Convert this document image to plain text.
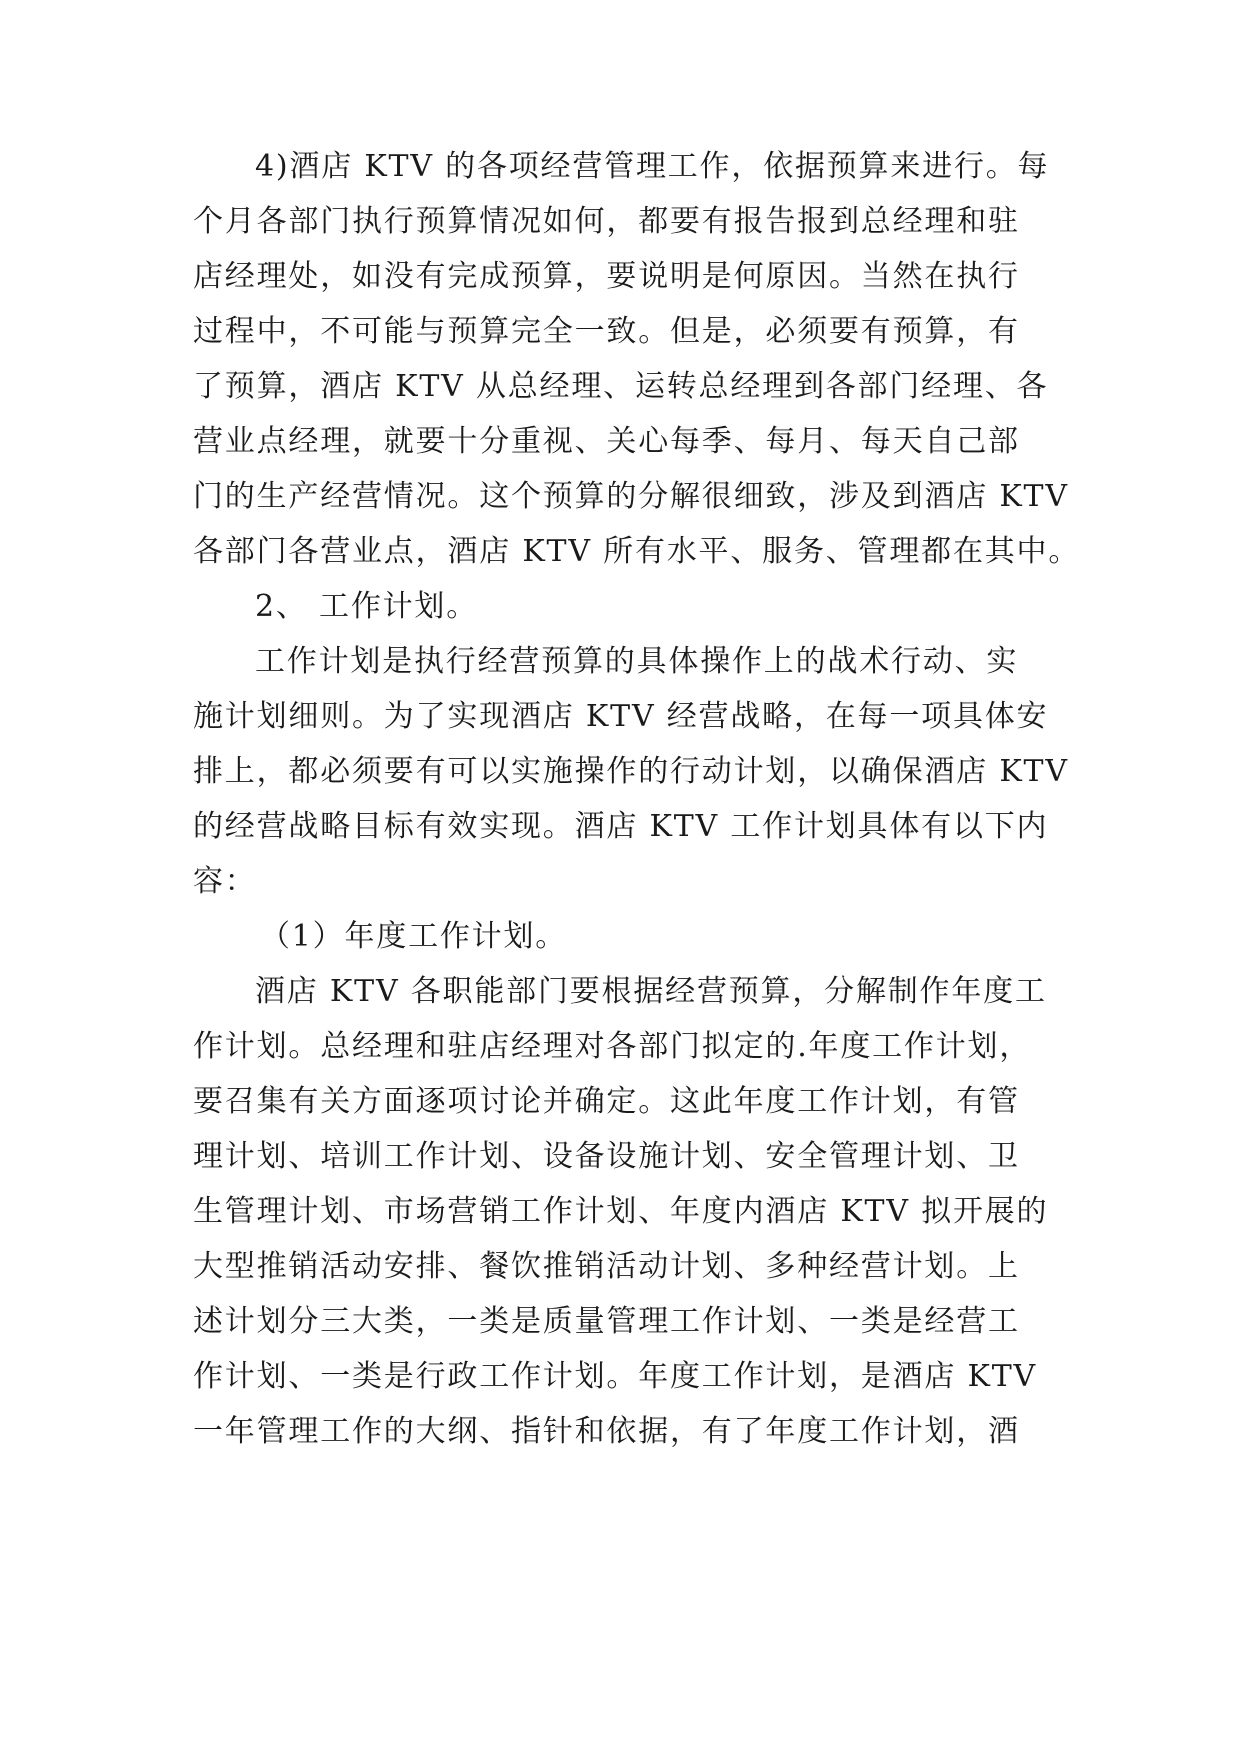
4)酒店 KTV 的各项经营管理工作，依据预算来进行。每
个月各部门执行预算情况如何，都要有报告报到总经理和驻
店经理处，如没有完成预算，要说明是何原因。当然在执行
过程中，不可能与预算完全一致。但是，必须要有预算，有
了预算，酒店 KTV 从总经理、运转总经理到各部门经理、各
营业点经理，就要十分重视、关心每季、每月、每天自己部
门的生产经营情况。这个预算的分解很细致，涉及到酒店 KTV
各部门各营业点，酒店 KTV 所有水平、服务、管理都在其中。
2、 工作计划。
工作计划是执行经营预算的具体操作上的战术行动、实
施计划细则。为了实现酒店 KTV 经营战略，在每一项具体安
排上，都必须要有可以实施操作的行动计划，以确保酒店 KTV
的经营战略目标有效实现。酒店 KTV 工作计划具体有以下内
容：
（1）年度工作计划。
酒店 KTV 各职能部门要根据经营预算，分解制作年度工
作计划。总经理和驻店经理对各部门拟定的.年度工作计划，
要召集有关方面逐项讨论并确定。这此年度工作计划，有管
理计划、培训工作计划、设备设施计划、安全管理计划、卫
生管理计划、市场营销工作计划、年度内酒店 KTV 拟开展的
大型推销活动安排、餐饮推销活动计划、多种经营计划。上
述计划分三大类，一类是质量管理工作计划、一类是经营工
作计划、一类是行政工作计划。年度工作计划，是酒店 KTV
一年管理工作的大纲、指针和依据，有了年度工作计划，酒
